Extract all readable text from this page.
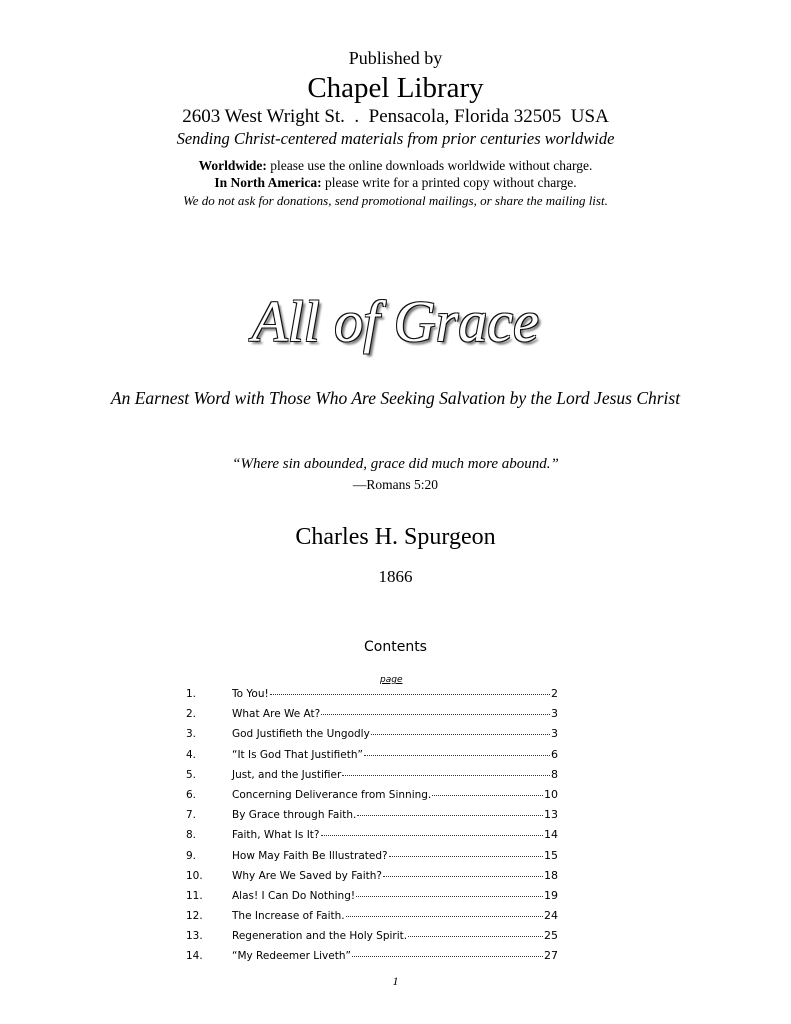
Published by
Chapel Library
2603 West Wright St.  .  Pensacola, Florida 32505  USA
Sending Christ-centered materials from prior centuries worldwide
Worldwide: please use the online downloads worldwide without charge.
In North America: please write for a printed copy without charge.
We do not ask for donations, send promotional mailings, or share the mailing list.
All of Grace
An Earnest Word with Those Who Are Seeking Salvation by the Lord Jesus Christ
“Where sin abounded, grace did much more abound.”
—Romans 5:20
Charles H. Spurgeon
1866
Contents
page
1.	To You!	2
2.	What Are We At?	3
3.	God Justifieth the Ungodly	3
4.	“It Is God That Justifieth”	6
5.	Just, and the Justifier	8
6.	Concerning Deliverance from Sinning.	10
7.	By Grace through Faith.	13
8.	Faith, What Is It?	14
9.	How May Faith Be Illustrated?	15
10.	Why Are We Saved by Faith?	18
11.	Alas! I Can Do Nothing!	19
12.	The Increase of Faith.	24
13.	Regeneration and the Holy Spirit.	25
14.	“My Redeemer Liveth”	27
1
